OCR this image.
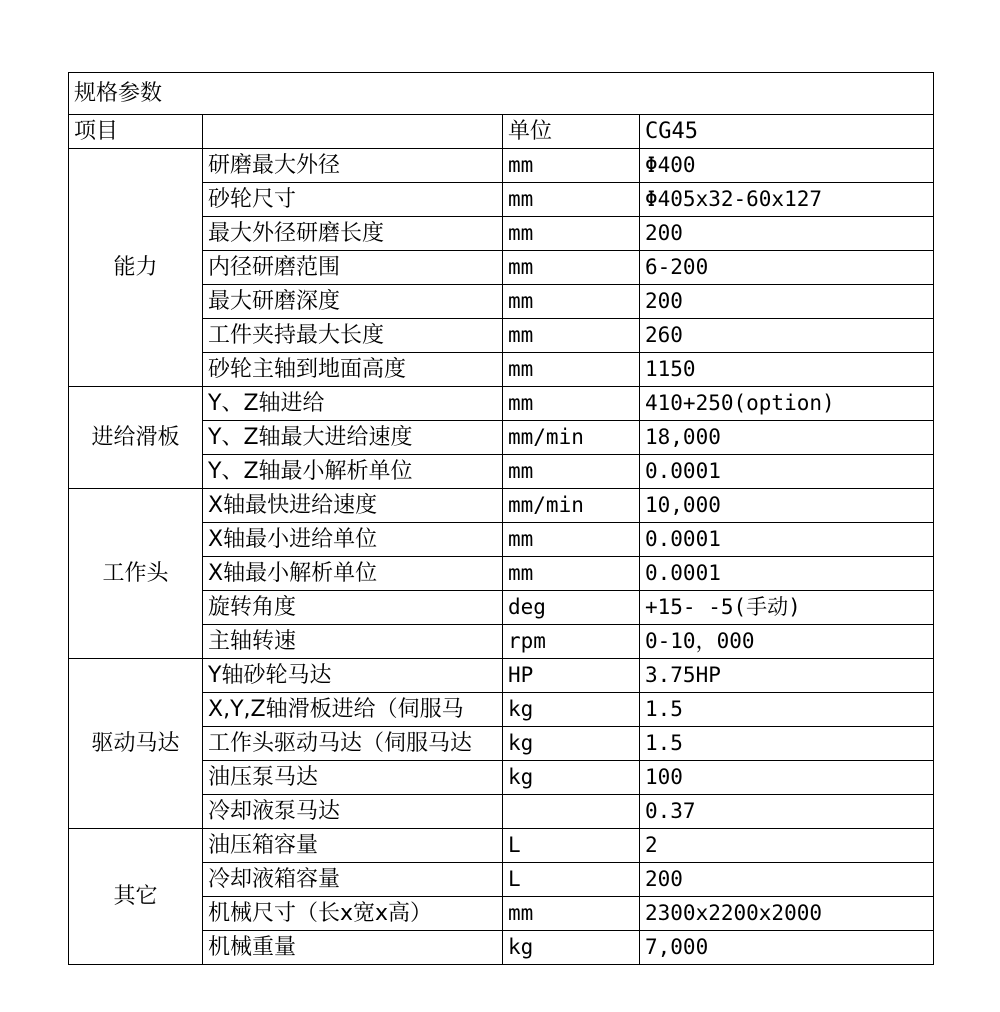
规格参数			
项目		单位	CG45
能力	研磨最大外径	mm	Φ400
	砂轮尺寸	mm	Φ405x32-60x127
	最大外径研磨长度	mm	200
	内径研磨范围	mm	6-200
	最大研磨深度	mm	200
	工件夹持最大长度	mm	260
	砂轮主轴到地面高度	mm	1150
进给滑板	Y、Z轴进给	mm	410+250(option)
	Y、Z轴最大进给速度	mm/min	18,000
	Y、Z轴最小解析单位	mm	0.0001
工作头	X轴最快进给速度	mm/min	10,000
	X轴最小进给单位	mm	0.0001
	X轴最小解析单位	mm	0.0001
	旋转角度	deg	+15- -5(手动)
	主轴转速	rpm	0-10，000
驱动马达	Y轴砂轮马达	HP	3.75HP
	X,Y,Z轴滑板进给（伺服马	kg	1.5
	工作头驱动马达（伺服马达	kg	1.5
	油压泵马达	kg	100
	冷却液泵马达		0.37
其它	油压箱容量	L	2
	冷却液箱容量	L	200
	机械尺寸（长x宽x高）	mm	2300x2200x2000
	机械重量	kg	7,000
